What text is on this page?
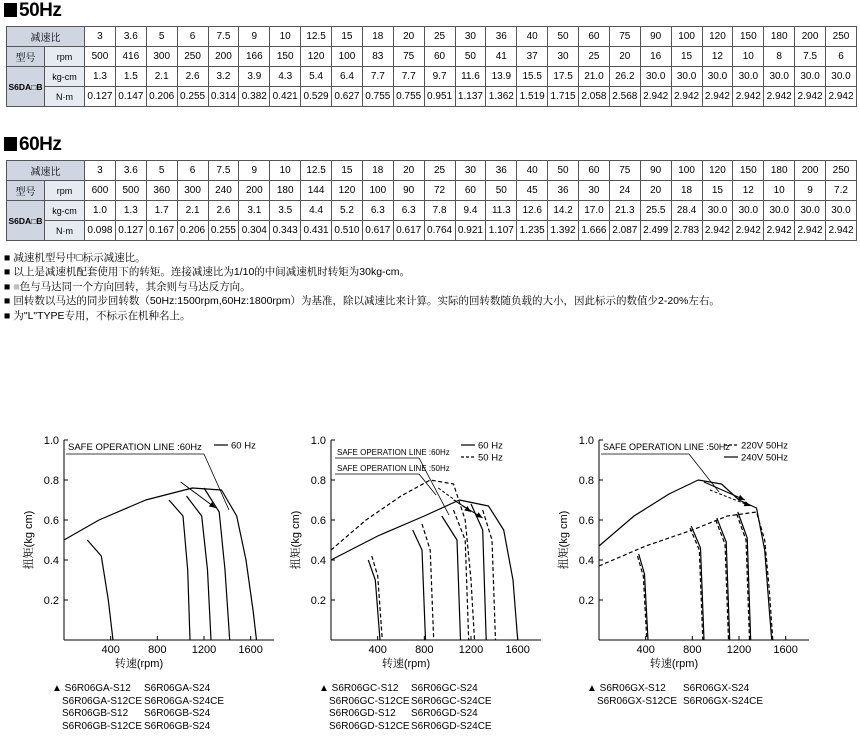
50Hz
减速比		3	3.6	5	6	7.5	9	10	12.5	15	18	20	25	30	36	40	50	60	75	90	100	120	150	180	200	250
型号	rpm	500	416	300	250	200	166	150	120	100	83	75	60	50	41	37	30	25	20	16	15	12	10	8	7.5	6
S6DA□B	kg-cm	1.3	1.5	2.1	2.6	3.2	3.9	4.3	5.4	6.4	7.7	7.7	9.7	11.6	13.9	15.5	17.5	21.0	26.2	30.0	30.0	30.0	30.0	30.0	30.0	30.0
	N·m	0.127	0.147	0.206	0.255	0.314	0.382	0.421	0.529	0.627	0.755	0.755	0.951	1.137	1.362	1.519	1.715	2.058	2.568	2.942	2.942	2.942	2.942	2.942	2.942	2.942
60Hz
减速比		3	3.6	5	6	7.5	9	10	12.5	15	18	20	25	30	36	40	50	60	75	90	100	120	150	180	200	250
型号	rpm	600	500	360	300	240	200	180	144	120	100	90	72	60	50	45	36	30	24	20	18	15	12	10	9	7.2
S6DA□B	kg-cm	1.0	1.3	1.7	2.1	2.6	3.1	3.5	4.4	5.2	6.3	6.3	7.8	9.4	11.3	12.6	14.2	17.0	21.3	25.5	28.4	30.0	30.0	30.0	30.0	30.0
	N·m	0.098	0.127	0.167	0.206	0.255	0.304	0.343	0.431	0.510	0.617	0.617	0.764	0.921	1.107	1.235	1.392	1.666	2.087	2.499	2.783	2.942	2.942	2.942	2.942	2.942
■ 减速机型号中□标示减速比。
■ 以上是减速机配套使用下的转矩。连接减速比为1/10的中间减速机时转矩为30kg-cm。
■ ■色与马达同一个方向回转，其余则与马达反方向。
■ 回转数以马达的同步回转数（50Hz:1500rpm,60Hz:1800rpm）为基准，除以减速比来计算。实际的回转数随负载的大小，因此标示的数值少2-20%左右。
■ 为"L"TYPE专用，不标示在机种名上。
0.2
0.4
0.6
0.8
1.0
400	800 1200 1600
转速(rpm)
扭矩(kg cm)
SAFE OPERATION LINE :60Hz	60 Hz
0.2
0.4
0.6
0.8
1.0
400	800 1200 1600
转速(rpm)
扭矩(kg cm)
SAFE OPERATION LINE :60Hz
SAFE OPERATION LINE :50Hz
60 Hz
50 Hz
0.2
0.4
0.6
0.8
1.0
400	800 1200 1600
转速(rpm)
扭矩(kg cm)
SAFE OPERATION LINE :50Hz 220V 50Hz
240V 50Hz
▲ S6R06GA-S12 S6R06GA-S24
S6R06GA-S12CE S6R06GA-S24CE
S6R06GB-S12 S6R06GB-S24
S6R06GB-S12CE S6R06GB-S24
▲ S6R06GC-S12 S6R06GC-S24
S6R06GC-S12CES6R06GC-S24CE
S6R06GD-S12 S6R06GD-S24
S6R06GD-S12CES6R06GD-S24CE
▲ S6R06GX-S12 S6R06GX-S24
S6R06GX-S12CE S6R06GX-S24CE
